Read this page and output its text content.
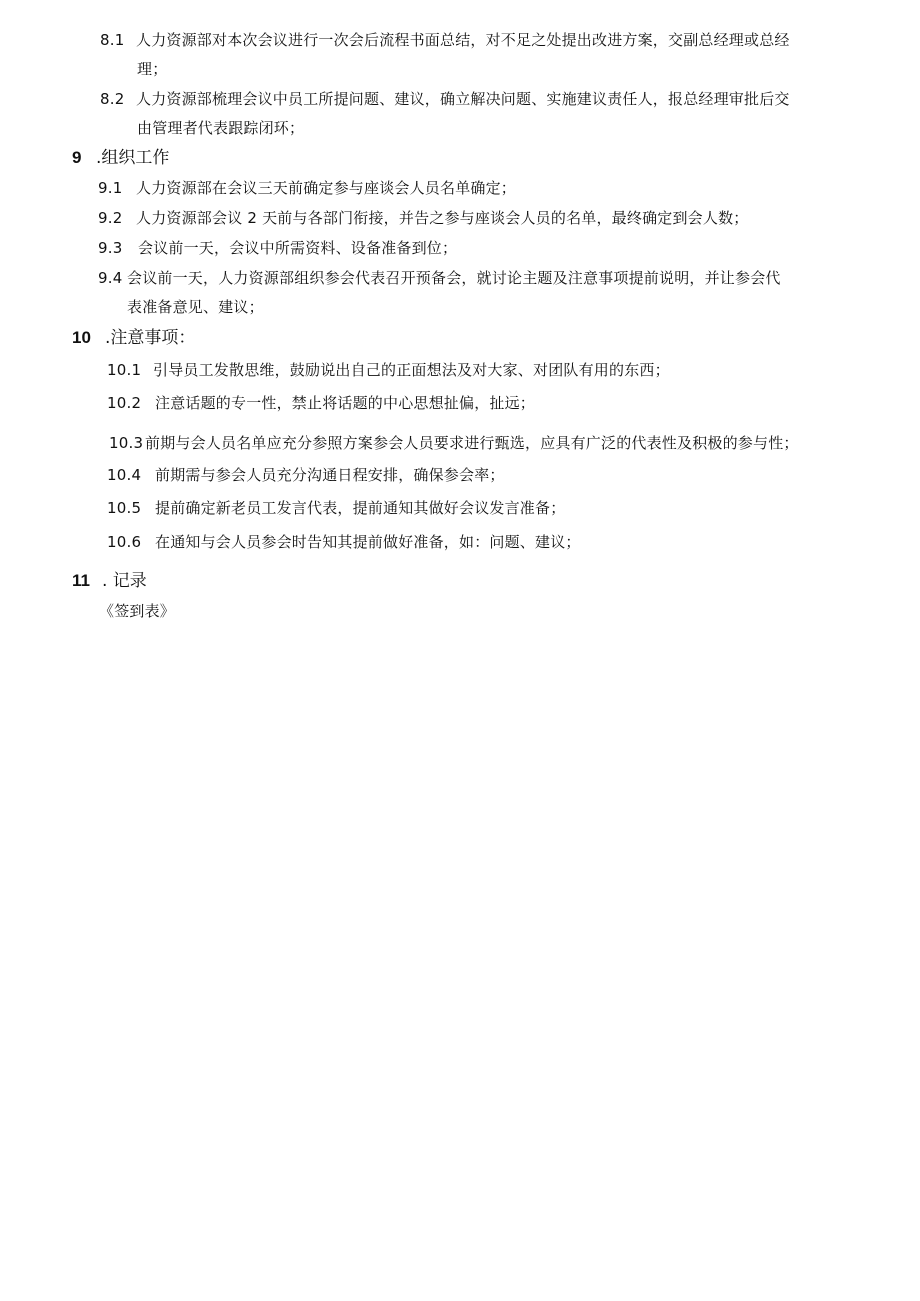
8.1 人力资源部对本次会议进行一次会后流程书面总结，对不足之处提出改进方案，交副总经理或总经
理；
8.2 人力资源部梳理会议中员工所提问题、建议，确立解决问题、实施建议责任人，报总经理审批后交
由管理者代表跟踪闭环；
9 .组织工作
9.1 人力资源部在会议三天前确定参与座谈会人员名单确定；
9.2 人力资源部会议 2 天前与各部门衔接，并告之参与座谈会人员的名单，最终确定到会人数；
9.3 会议前一天，会议中所需资料、设备准备到位；
9.4 会议前一天，人力资源部组织参会代表召开预备会，就讨论主题及注意事项提前说明，并让参会代
表准备意见、建议；
10 .注意事项：
10.1 引导员工发散思维，鼓励说出自己的正面想法及对大家、对团队有用的东西；
10.2 注意话题的专一性，禁止将话题的中心思想扯偏，扯远；
10.3 前期与会人员名单应充分参照方案参会人员要求进行甄选，应具有广泛的代表性及积极的参与性；
10.4 前期需与参会人员充分沟通日程安排，确保参会率；
10.5 提前确定新老员工发言代表，提前通知其做好会议发言准备；
10.6 在通知与会人员参会时告知其提前做好准备，如：问题、建议；
11 . 记录
《签到表》
